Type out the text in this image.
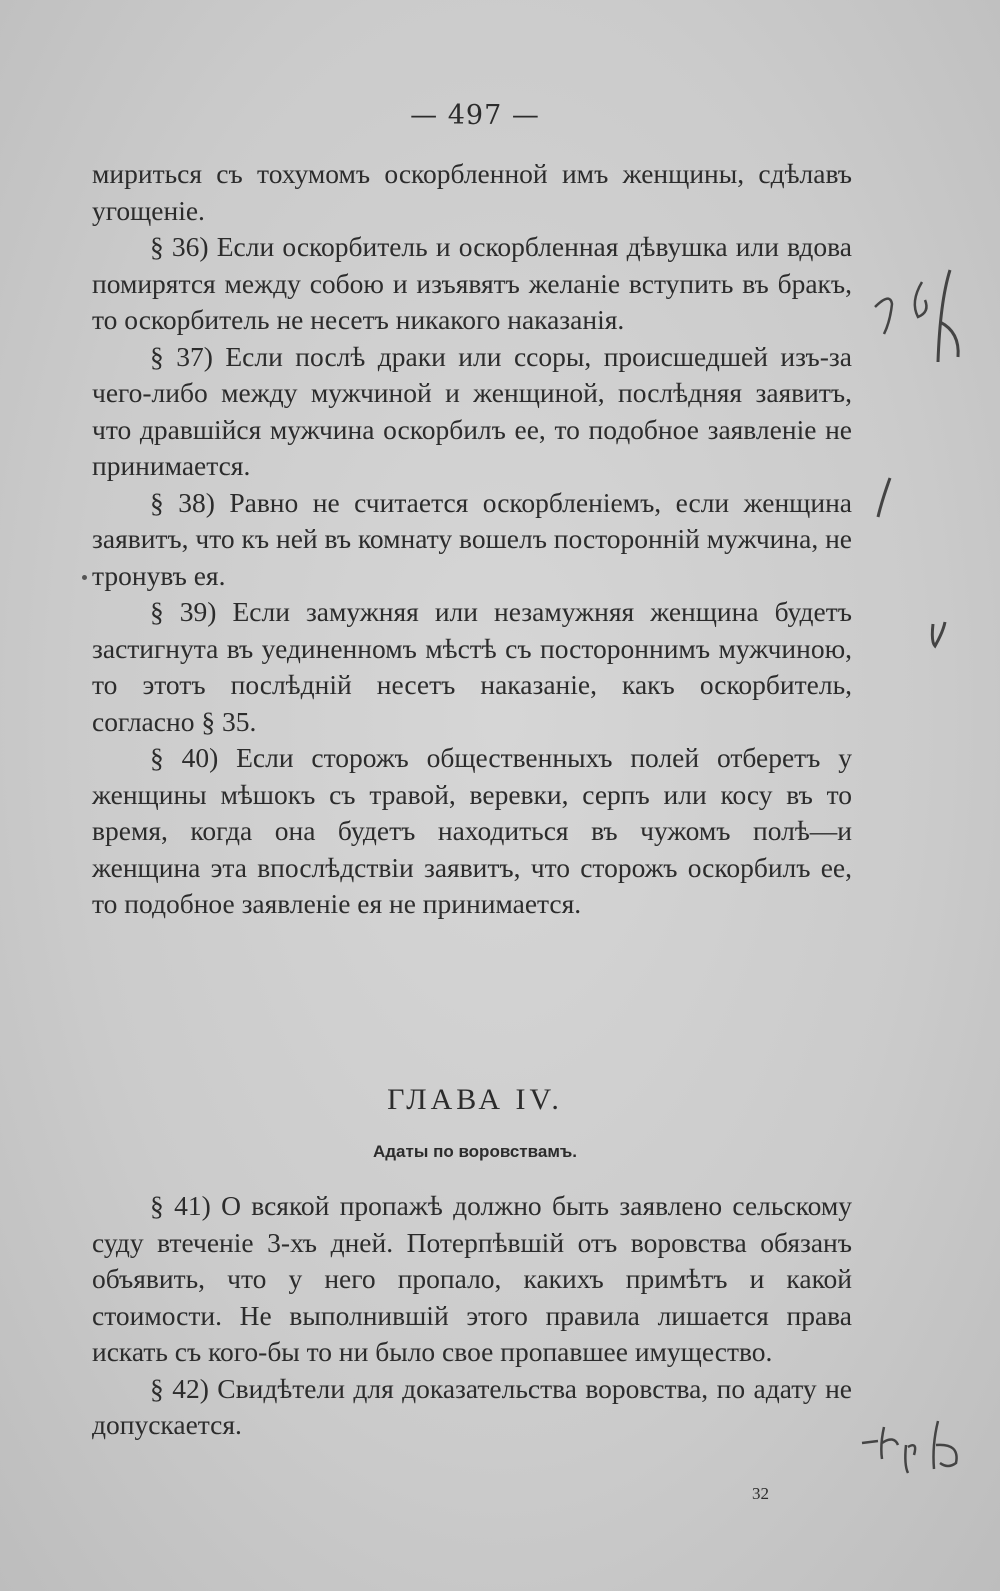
— 497 —

мириться съ тохумомъ оскорбленной имъ женщины, сдѣлавъ угощеніе.

§ 36) Если оскорбитель и оскорбленная дѣвушка или вдова помирятся между собою и изъявятъ желаніе вступить въ бракъ, то оскорбитель не несетъ никакого наказанія.

§ 37) Если послѣ драки или ссоры, происшедшей изъ-за чего-либо между мужчиной и женщиной, послѣдняя заявитъ, что дравшійся мужчина оскорбилъ ее, то подобное заявленіе не принимается.

§ 38) Равно не считается оскорбленіемъ, если женщина заявитъ, что къ ней въ комнату вошелъ посторонній мужчина, не тронувъ ея.

§ 39) Если замужняя или незамужняя женщина будетъ застигнута въ уединенномъ мѣстѣ съ постороннимъ мужчиною, то этотъ послѣдній несетъ наказаніе, какъ оскорбитель, согласно § 35.

§ 40) Если сторожъ общественныхъ полей отберетъ у женщины мѣшокъ съ травой, веревки, серпъ или косу въ то время, когда она будетъ находиться въ чужомъ полѣ—и женщина эта впослѣдствіи заявитъ, что сторожъ оскорбилъ ее, то подобное заявленіе ея не принимается.

ГЛАВА IV.
Адаты по воровствамъ.

§ 41) О всякой пропажѣ должно быть заявлено сельскому суду втеченіе 3-хъ дней. Потерпѣвшій отъ воровства обязанъ объявить, что у него пропало, какихъ примѣтъ и какой стоимости. Не выполнившій этого правила лишается права искать съ кого-бы то ни было свое пропавшее имущество.

§ 42) Свидѣтели для доказательства воровства, по адату не допускается.

32
